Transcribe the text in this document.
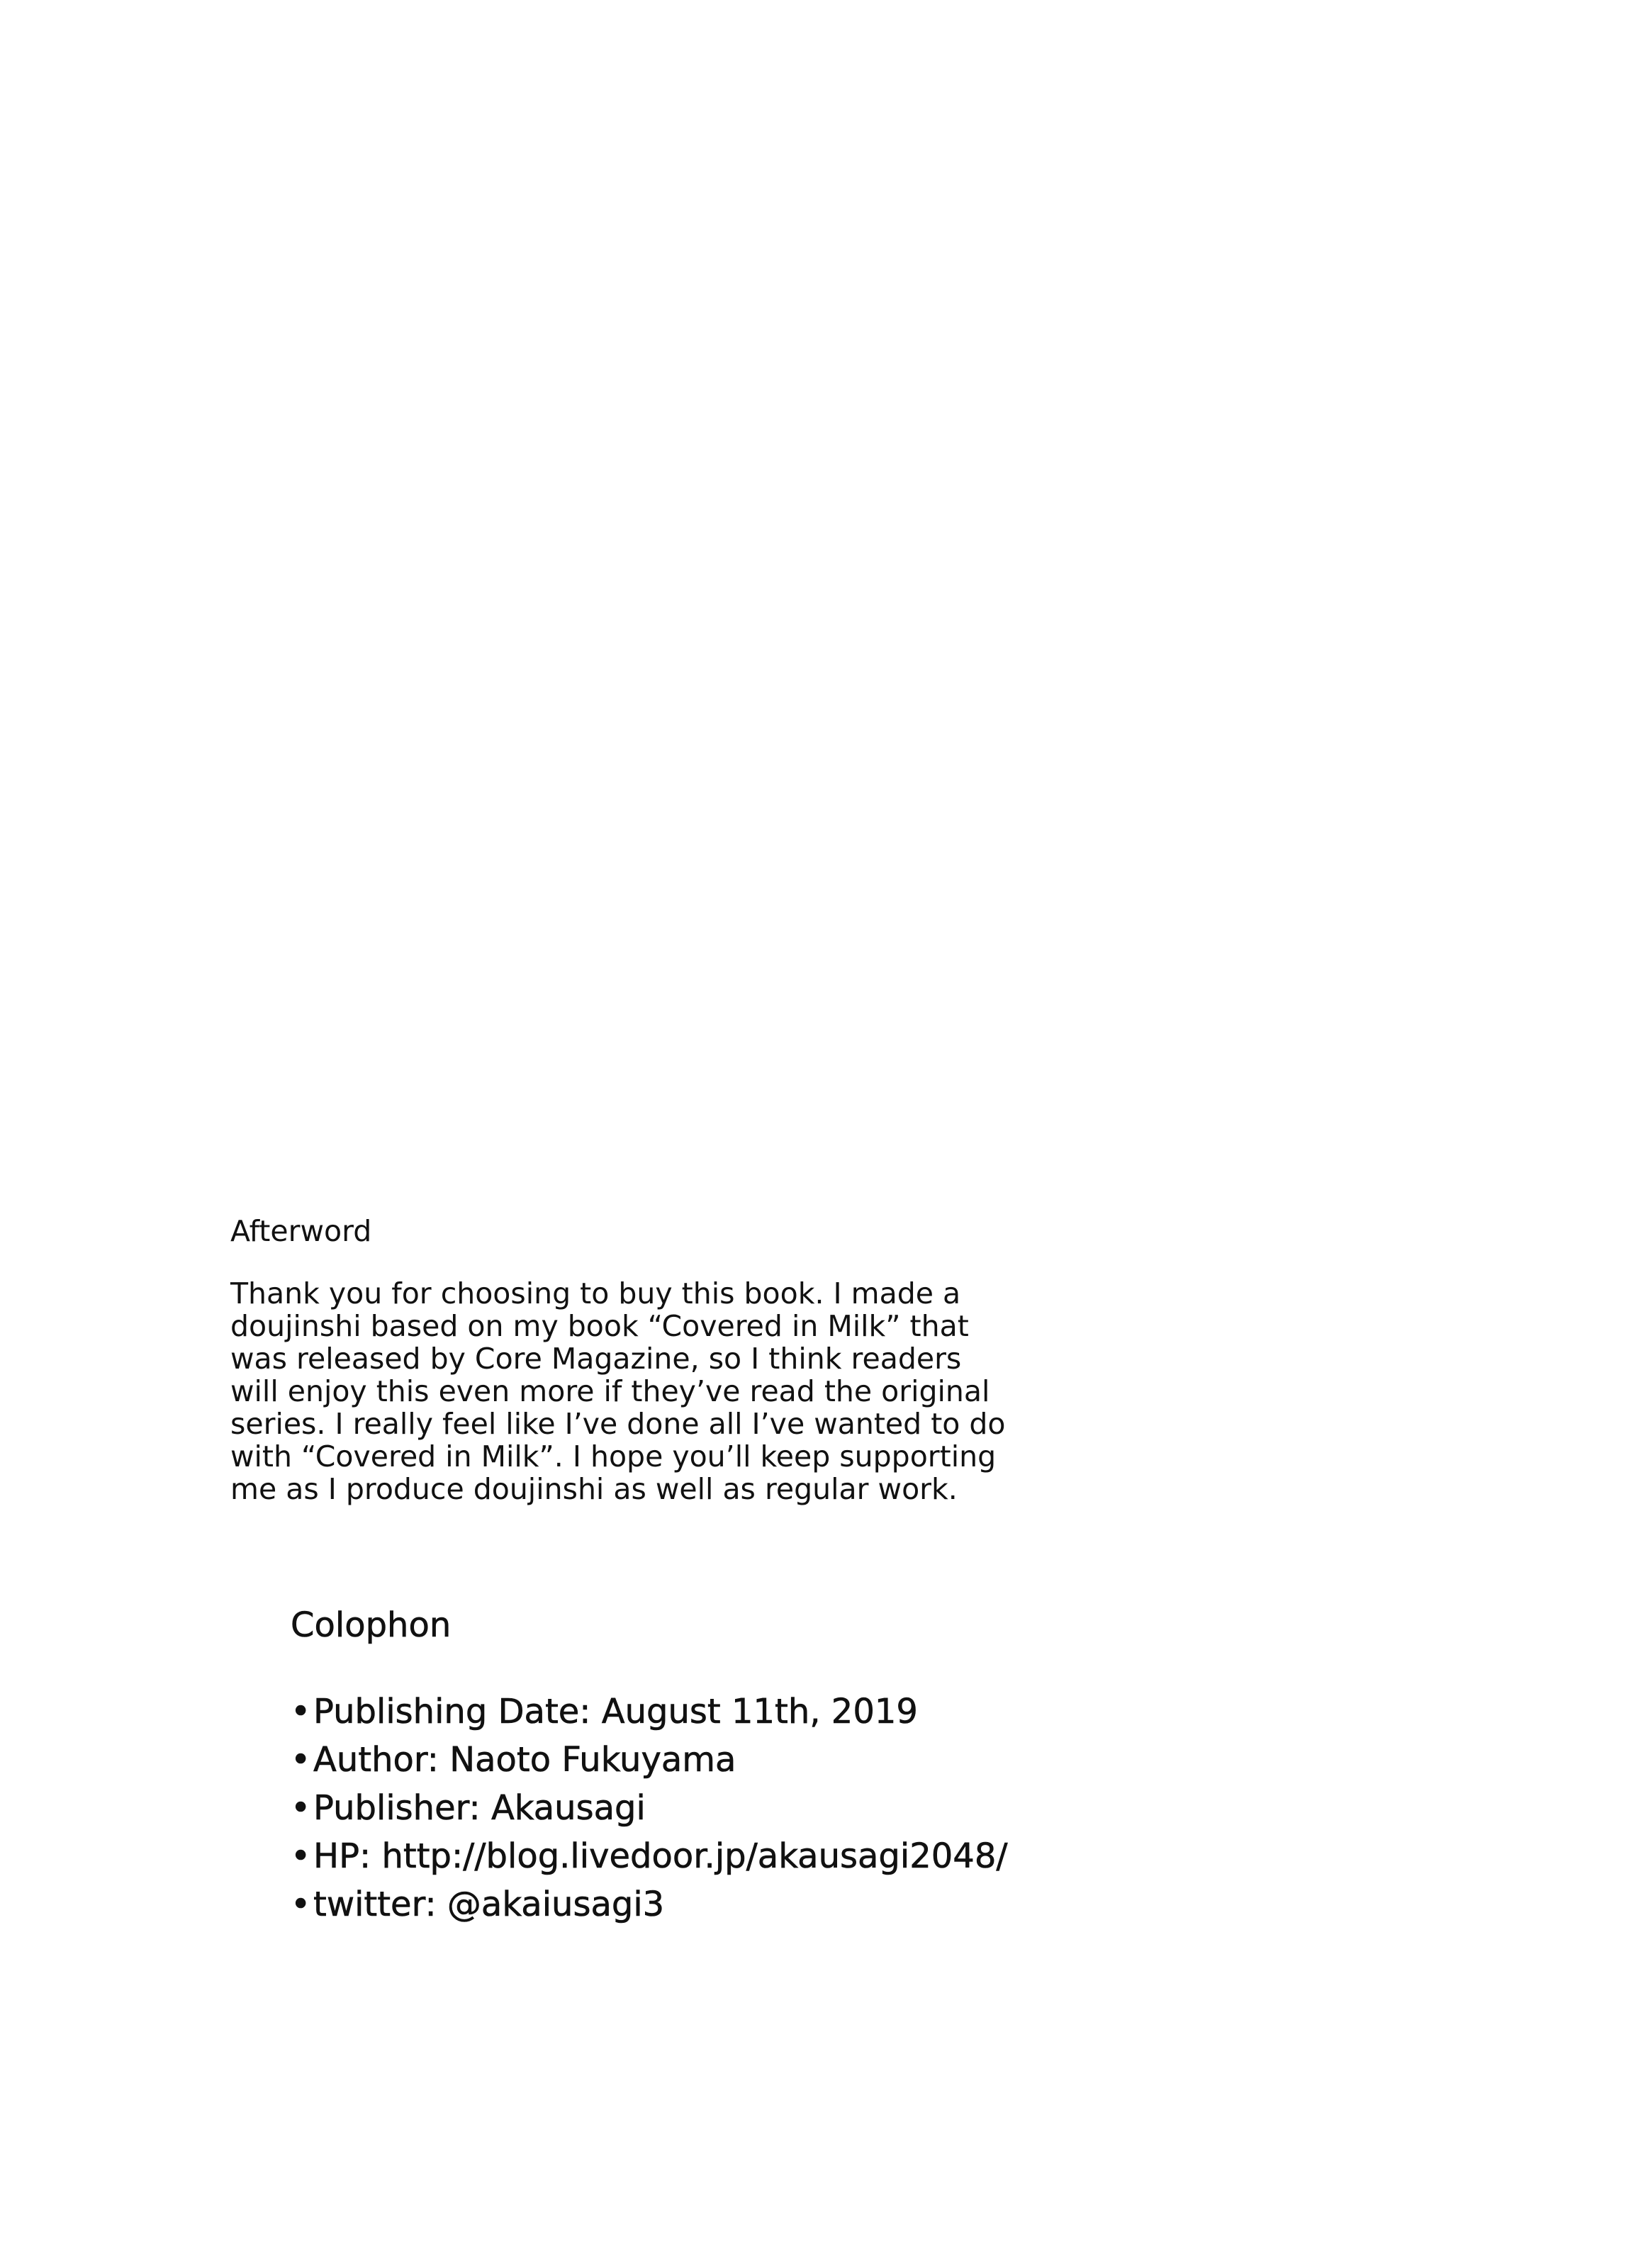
Afterword

Thank you for choosing to buy this book. I made a

doujinshi based on my book “Covered in Milk” that

was released by Core Magazine, so I think readers

will enjoy this even more if they’ve read the original

series. I really feel like I’ve done all I’ve wanted to do

with “Covered in Milk”. I hope you’ll keep supporting

me as I produce doujinshi as well as regular work.

Colophon
•Publishing Date: August 11th, 2019
•Author: Naoto Fukuyama
•Publisher: Akausagi
•HP: http://blog.livedoor.jp/akausagi2048/
•twitter: @akaiusagi3
